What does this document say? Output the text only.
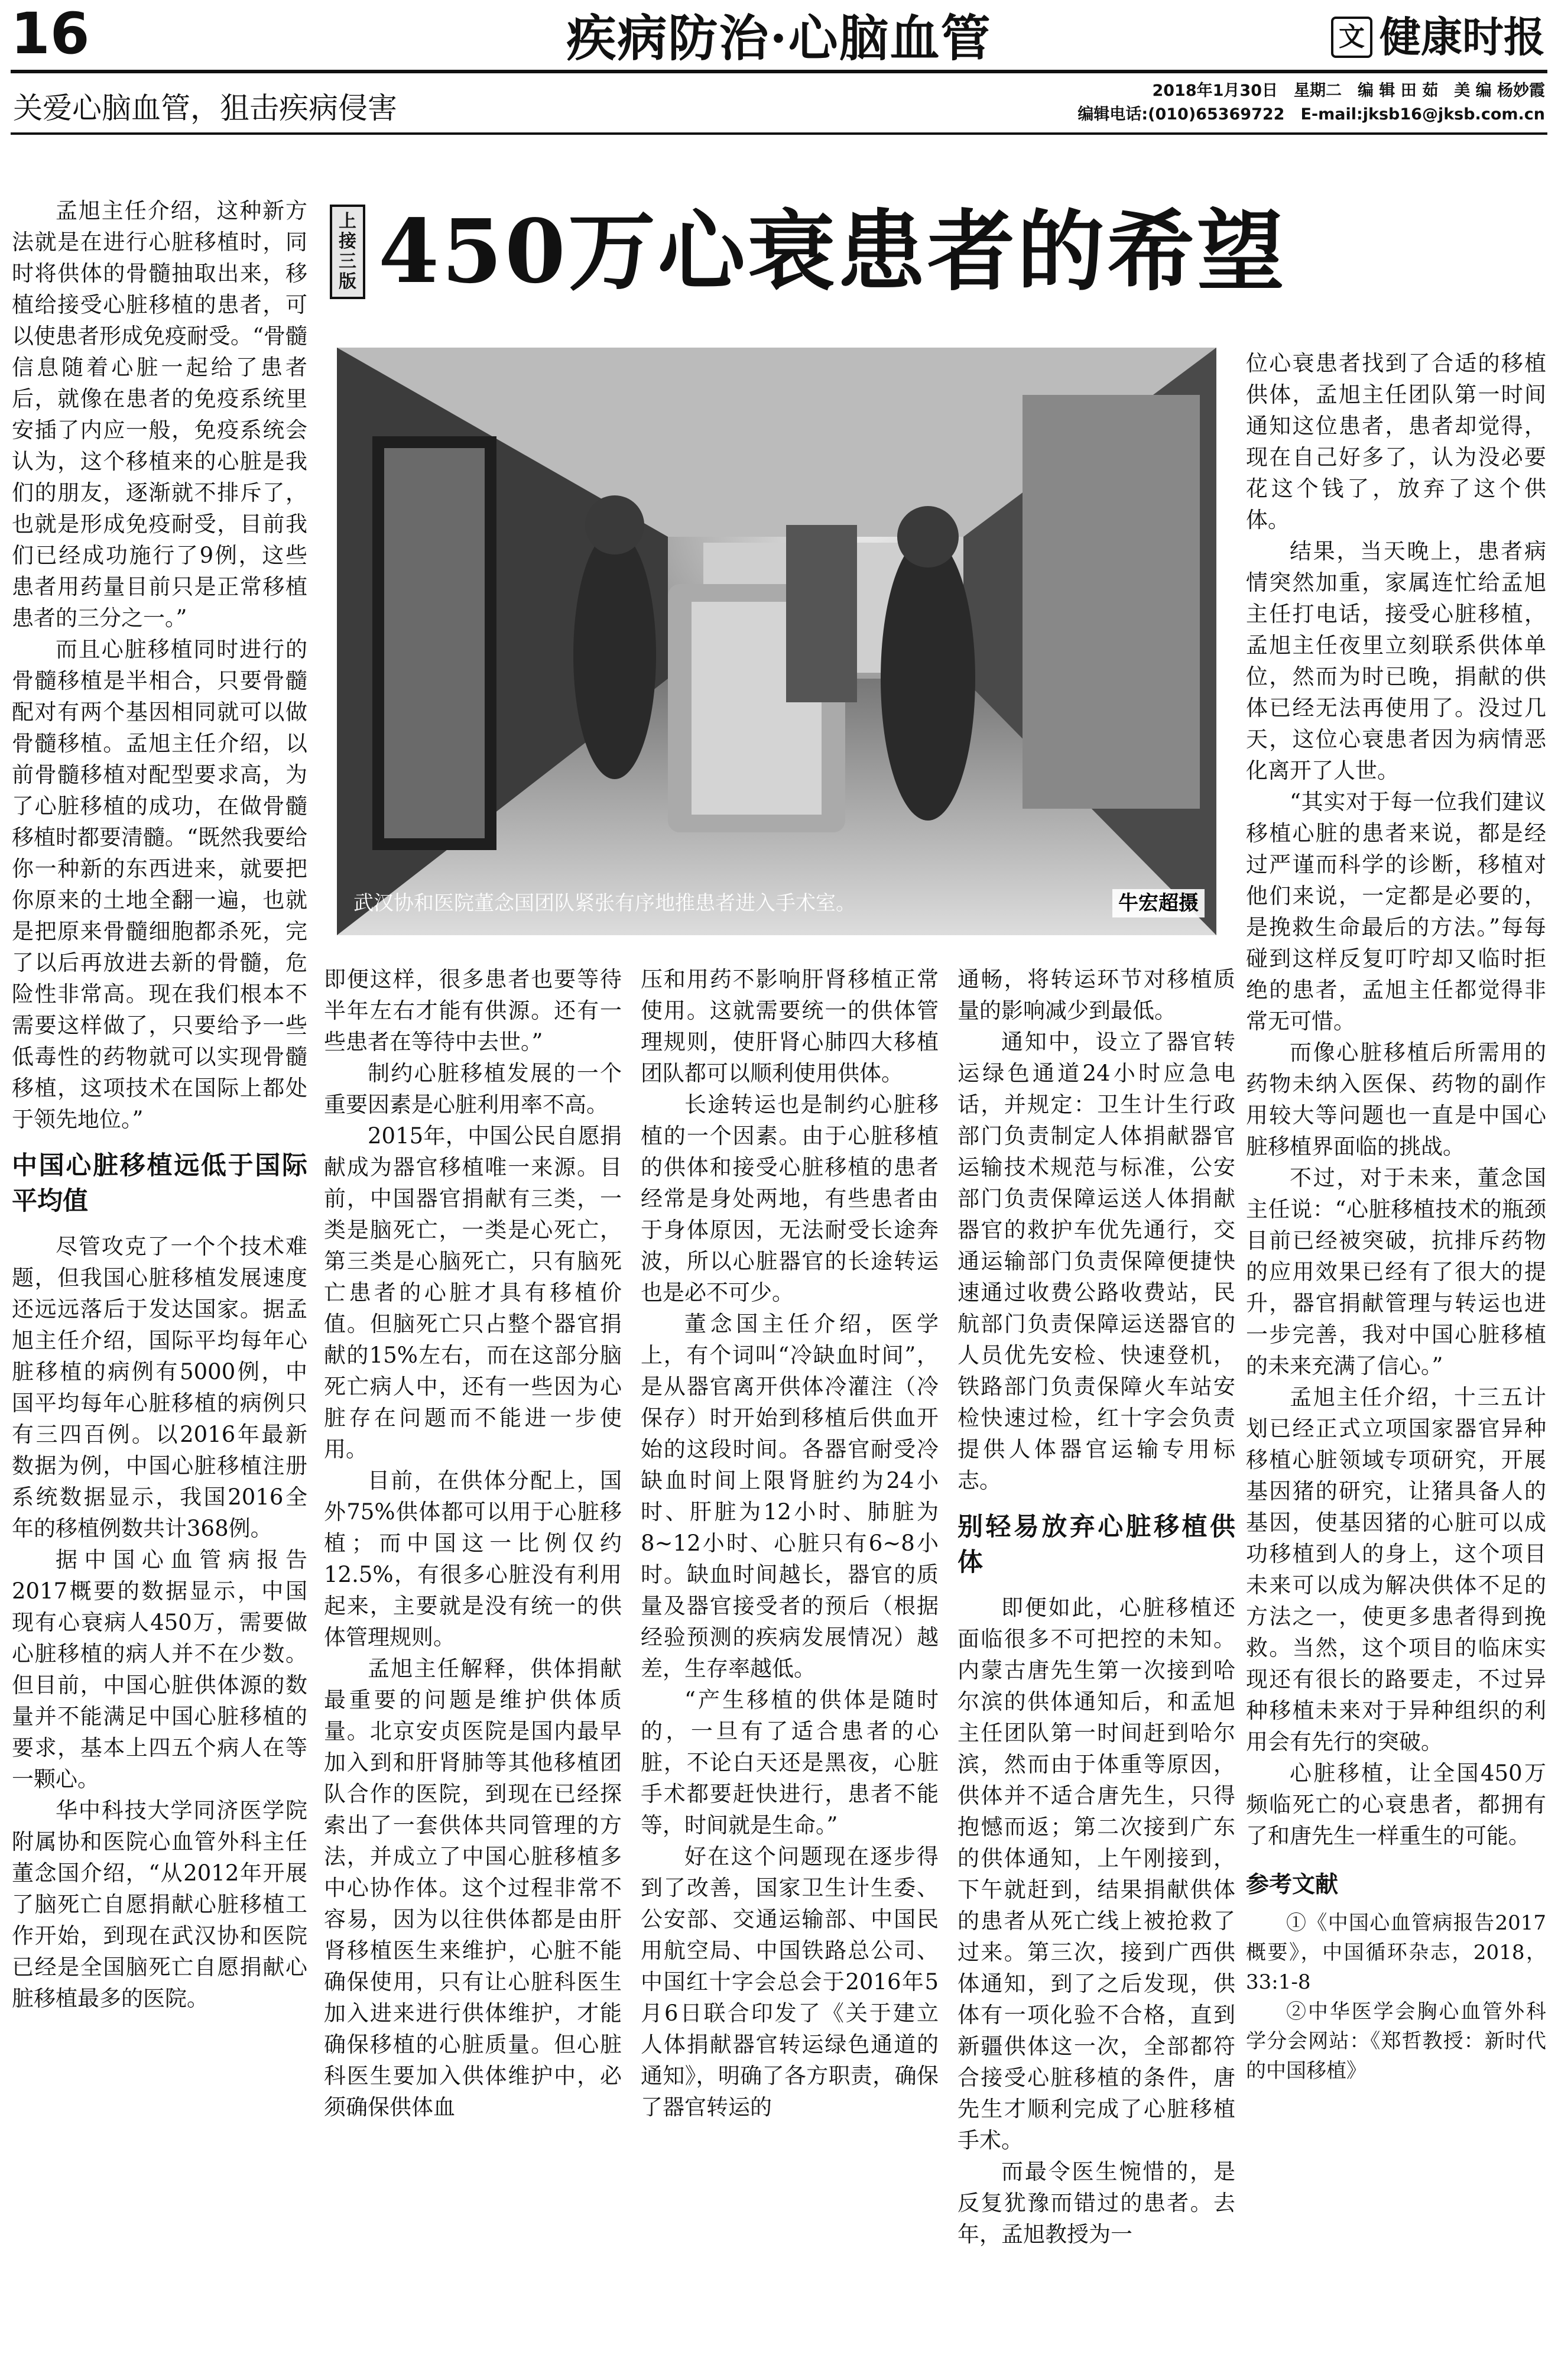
16	疾病防治·心脑血管	文 健康时报
关爱心脑血管，狙击疾病侵害
2018年1月30日　星期二　编 辑 田 茹　美 编 杨妙霞
编辑电话:(010)65369722　E-mail:jksb16@jksb.com.cn
上接三版 450万心衰患者的希望
武汉协和医院董念国团队紧张有序地推患者进入手术室。	牛宏超摄

孟旭主任介绍，这种新方法就是在进行心脏移植时，同时将供体的骨髓抽取出来，移植给接受心脏移植的患者，可以使患者形成免疫耐受。“骨髓信息随着心脏一起给了患者后，就像在患者的免疫系统里安插了内应一般，免疫系统会认为，这个移植来的心脏是我们的朋友，逐渐就不排斥了，也就是形成免疫耐受，目前我们已经成功施行了9例，这些患者用药量目前只是正常移植患者的三分之一。”

而且心脏移植同时进行的骨髓移植是半相合，只要骨髓配对有两个基因相同就可以做骨髓移植。孟旭主任介绍，以前骨髓移植对配型要求高，为了心脏移植的成功，在做骨髓移植时都要清髓。“既然我要给你一种新的东西进来，就要把你原来的土地全翻一遍，也就是把原来骨髓细胞都杀死，完了以后再放进去新的骨髓，危险性非常高。现在我们根本不需要这样做了，只要给予一些低毒性的药物就可以实现骨髓移植，这项技术在国际上都处于领先地位。”

中国心脏移植远低于国际平均值

尽管攻克了一个个技术难题，但我国心脏移植发展速度还远远落后于发达国家。据孟旭主任介绍，国际平均每年心脏移植的病例有5000例，中国平均每年心脏移植的病例只有三四百例。以2016年最新数据为例，中国心脏移植注册系统数据显示，我国2016全年的移植例数共计368例。

据中国心血管病报告2017概要的数据显示，中国现有心衰病人450万，需要做心脏移植的病人并不在少数。但目前，中国心脏供体源的数量并不能满足中国心脏移植的要求，基本上四五个病人在等一颗心。

华中科技大学同济医学院附属协和医院心血管外科主任董念国介绍，“从2012年开展了脑死亡自愿捐献心脏移植工作开始，到现在武汉协和医院已经是全国脑死亡自愿捐献心脏移植最多的医院。

即便这样，很多患者也要等待半年左右才能有供源。还有一些患者在等待中去世。”

制约心脏移植发展的一个重要因素是心脏利用率不高。

2015年，中国公民自愿捐献成为器官移植唯一来源。目前，中国器官捐献有三类，一类是脑死亡，一类是心死亡，第三类是心脑死亡，只有脑死亡患者的心脏才具有移植价值。但脑死亡只占整个器官捐献的15%左右，而在这部分脑死亡病人中，还有一些因为心脏存在问题而不能进一步使用。

目前，在供体分配上，国外75%供体都可以用于心脏移植；而中国这一比例仅约12.5%，有很多心脏没有利用起来，主要就是没有统一的供体管理规则。

孟旭主任解释，供体捐献最重要的问题是维护供体质量。北京安贞医院是国内最早加入到和肝肾肺等其他移植团队合作的医院，到现在已经探索出了一套供体共同管理的方法，并成立了中国心脏移植多中心协作体。这个过程非常不容易，因为以往供体都是由肝肾移植医生来维护，心脏不能确保使用，只有让心脏科医生加入进来进行供体维护，才能确保移植的心脏质量。但心脏科医生要加入供体维护中，必须确保供体血

压和用药不影响肝肾移植正常使用。这就需要统一的供体管理规则，使肝肾心肺四大移植团队都可以顺利使用供体。

长途转运也是制约心脏移植的一个因素。由于心脏移植的供体和接受心脏移植的患者经常是身处两地，有些患者由于身体原因，无法耐受长途奔波，所以心脏器官的长途转运也是必不可少。

董念国主任介绍，医学上，有个词叫“冷缺血时间”，是从器官离开供体冷灌注（冷保存）时开始到移植后供血开始的这段时间。各器官耐受冷缺血时间上限肾脏约为24小时、肝脏为12小时、肺脏为8~12小时、心脏只有6~8小时。缺血时间越长，器官的质量及器官接受者的预后（根据经验预测的疾病发展情况）越差，生存率越低。

“产生移植的供体是随时的，一旦有了适合患者的心脏，不论白天还是黑夜，心脏手术都要赶快进行，患者不能等，时间就是生命。”

好在这个问题现在逐步得到了改善，国家卫生计生委、公安部、交通运输部、中国民用航空局、中国铁路总公司、中国红十字会总会于2016年5月6日联合印发了《关于建立人体捐献器官转运绿色通道的通知》，明确了各方职责，确保了器官转运的

通畅，将转运环节对移植质量的影响减少到最低。

通知中，设立了器官转运绿色通道24小时应急电话，并规定：卫生计生行政部门负责制定人体捐献器官运输技术规范与标准，公安部门负责保障运送人体捐献器官的救护车优先通行，交通运输部门负责保障便捷快速通过收费公路收费站，民航部门负责保障运送器官的人员优先安检、快速登机，铁路部门负责保障火车站安检快速过检，红十字会负责提供人体器官运输专用标志。

别轻易放弃心脏移植供体

即便如此，心脏移植还面临很多不可把控的未知。内蒙古唐先生第一次接到哈尔滨的供体通知后，和孟旭主任团队第一时间赶到哈尔滨，然而由于体重等原因，供体并不适合唐先生，只得抱憾而返；第二次接到广东的供体通知，上午刚接到，下午就赶到，结果捐献供体的患者从死亡线上被抢救了过来。第三次，接到广西供体通知，到了之后发现，供体有一项化验不合格，直到新疆供体这一次，全部都符合接受心脏移植的条件，唐先生才顺利完成了心脏移植手术。

而最令医生惋惜的，是反复犹豫而错过的患者。去年，孟旭教授为一

位心衰患者找到了合适的移植供体，孟旭主任团队第一时间通知这位患者，患者却觉得，现在自己好多了，认为没必要花这个钱了，放弃了这个供体。

结果，当天晚上，患者病情突然加重，家属连忙给孟旭主任打电话，接受心脏移植，孟旭主任夜里立刻联系供体单位，然而为时已晚，捐献的供体已经无法再使用了。没过几天，这位心衰患者因为病情恶化离开了人世。

“其实对于每一位我们建议移植心脏的患者来说，都是经过严谨而科学的诊断，移植对他们来说，一定都是必要的，是挽救生命最后的方法。”每每碰到这样反复叮咛却又临时拒绝的患者，孟旭主任都觉得非常无可惜。

而像心脏移植后所需用的药物未纳入医保、药物的副作用较大等问题也一直是中国心脏移植界面临的挑战。

不过，对于未来，董念国主任说：“心脏移植技术的瓶颈目前已经被突破，抗排斥药物的应用效果已经有了很大的提升，器官捐献管理与转运也进一步完善，我对中国心脏移植的未来充满了信心。”

孟旭主任介绍，十三五计划已经正式立项国家器官异种移植心脏领域专项研究，开展基因猪的研究，让猪具备人的基因，使基因猪的心脏可以成功移植到人的身上，这个项目未来可以成为解决供体不足的方法之一，使更多患者得到挽救。当然，这个项目的临床实现还有很长的路要走，不过异种移植未来对于异种组织的利用会有先行的突破。

心脏移植，让全国450万频临死亡的心衰患者，都拥有了和唐先生一样重生的可能。

参考文献

①《中国心血管病报告2017概要》，中国循环杂志，2018，33:1-8

②中华医学会胸心血管外科学分会网站：《郑哲教授：新时代的中国移植》
